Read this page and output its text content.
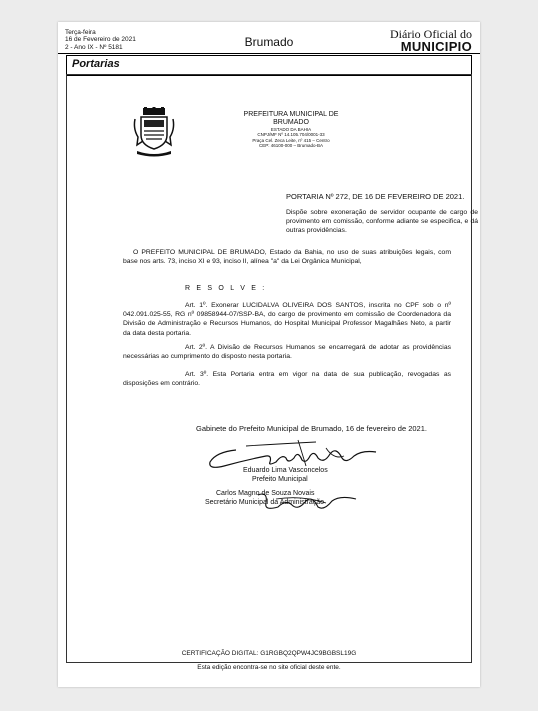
Terça-feira
16 de Fevereiro de 2021
2 - Ano IX - Nº 5181	Brumado
Diário Oficial do
MUNICIPIO
Portarias
PREFEITURA MUNICIPAL DE BRUMADO
ESTADO DA BAHIA
CNPJ/MF Nº 14.105.704/0001-33
Praça Cel. Zeca Leite, nº 415 – Centro
CEP: 46100-000 – Brumado-BA
PORTARIA Nº 272, DE 16 DE FEVEREIRO DE 2021.
Dispõe sobre exoneração de servidor ocupante de cargo de provimento em comissão, conforme adiante se especifica, e dá outras providências.
O PREFEITO MUNICIPAL DE BRUMADO, Estado da Bahia, no uso de suas atribuições legais, com base nos arts. 73, inciso XI e 93, inciso II, alínea "a" da Lei Orgânica Municipal,
R E S O L V E :
Art. 1º. Exonerar LUCIDALVA OLIVEIRA DOS SANTOS, inscrita no CPF sob o nº 042.091.025-55, RG nº 09858944-07/SSP-BA, do cargo de provimento em comissão de Coordenadora da Divisão de Administração e Recursos Humanos, do Hospital Municipal Professor Magalhães Neto, a partir da data desta portaria.
Art. 2º. A Divisão de Recursos Humanos se encarregará de adotar as providências necessárias ao cumprimento do disposto nesta portaria.
Art. 3º. Esta Portaria entra em vigor na data de sua publicação, revogadas as disposições em contrário.
Gabinete do Prefeito Municipal de Brumado, 16 de fevereiro de 2021.
Eduardo Lima Vasconcelos
Prefeito Municipal
Carlos Magno de Souza Novais
Secretário Municipal da Administração
CERTIFICAÇÃO DIGITAL: G1RGBQ2QPW4JC9BGBSL19G
Esta edição encontra-se no site oficial deste ente.
